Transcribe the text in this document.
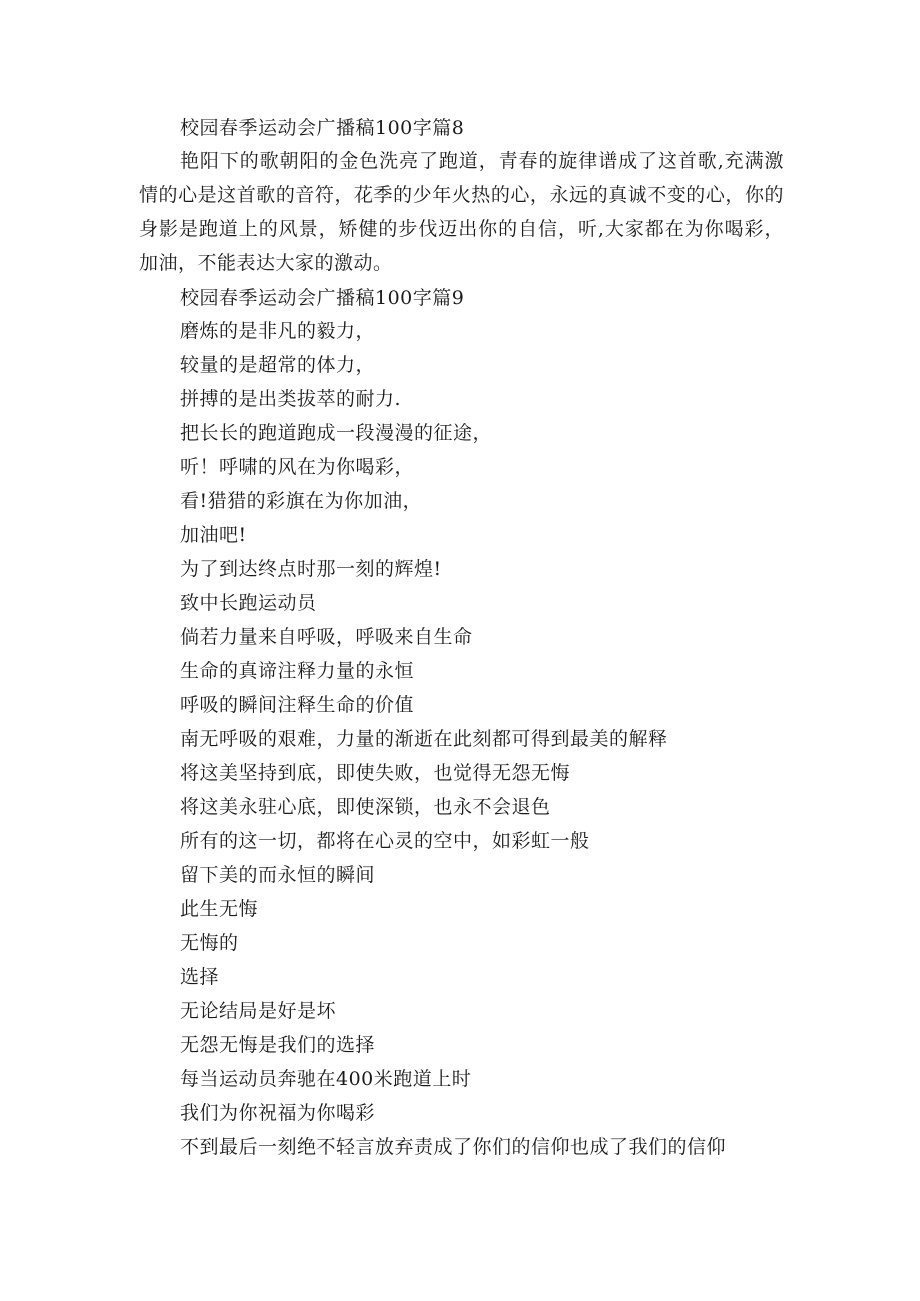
校园春季运动会广播稿100字篇8
艳阳下的歌朝阳的金色洗亮了跑道，青春的旋律谱成了这首歌,充满激情的心是这首歌的音符，花季的少年火热的心，永远的真诚不变的心，你的身影是跑道上的风景，矫健的步伐迈出你的自信，听,大家都在为你喝彩，加油，不能表达大家的激动。
校园春季运动会广播稿100字篇9
磨炼的是非凡的毅力，
较量的是超常的体力，
拼搏的是出类拔萃的耐力.
把长长的跑道跑成一段漫漫的征途，
听！呼啸的风在为你喝彩，
看!猎猎的彩旗在为你加油，
加油吧!
为了到达终点时那一刻的辉煌!
致中长跑运动员
倘若力量来自呼吸，呼吸来自生命
生命的真谛注释力量的永恒
呼吸的瞬间注释生命的价值
南无呼吸的艰难，力量的渐逝在此刻都可得到最美的解释
将这美坚持到底，即使失败，也觉得无怨无悔
将这美永驻心底，即使深锁，也永不会退色
所有的这一切，都将在心灵的空中，如彩虹一般
留下美的而永恒的瞬间
此生无悔
无悔的
选择
无论结局是好是坏
无怨无悔是我们的选择
每当运动员奔驰在400米跑道上时
我们为你祝福为你喝彩
不到最后一刻绝不轻言放弃责成了你们的信仰也成了我们的信仰
